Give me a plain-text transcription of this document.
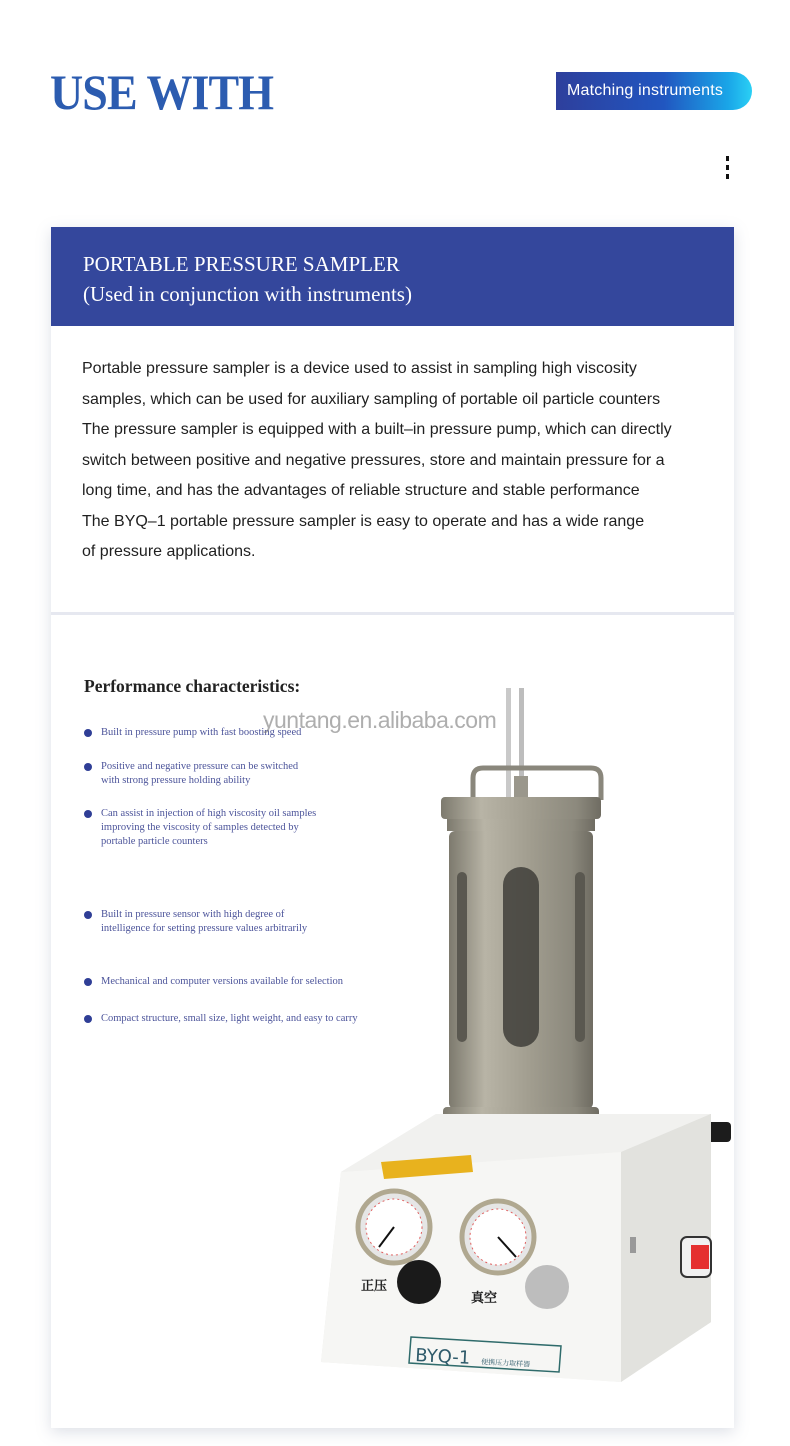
USE WITH	Matching instruments
PORTABLE PRESSURE SAMPLER
(Used in conjunction with instruments)
Portable pressure sampler is a device used to assist in sampling high viscosity
samples, which can be used for auxiliary sampling of portable oil particle counters
The pressure sampler is equipped with a built–in pressure pump, which can directly
switch between positive and negative pressures, store and maintain pressure for a
long time, and has the advantages of reliable structure and stable performance
The BYQ–1 portable pressure sampler is easy to operate and has a wide range
of pressure applications.
正压
真空
BYQ-1 便携压力取样器
Performance characteristics:
Built in pressure pump with fast boosting speed
Positive and negative pressure can be switched
with strong pressure holding ability
Can assist in injection of high viscosity oil samples
improving the viscosity of samples detected by
portable particle counters
Built in pressure sensor with high degree of
intelligence for setting pressure values arbitrarily
Mechanical and computer versions available for selection
Compact structure, small size, light weight, and easy to carry
yuntang.en.alibaba.com
